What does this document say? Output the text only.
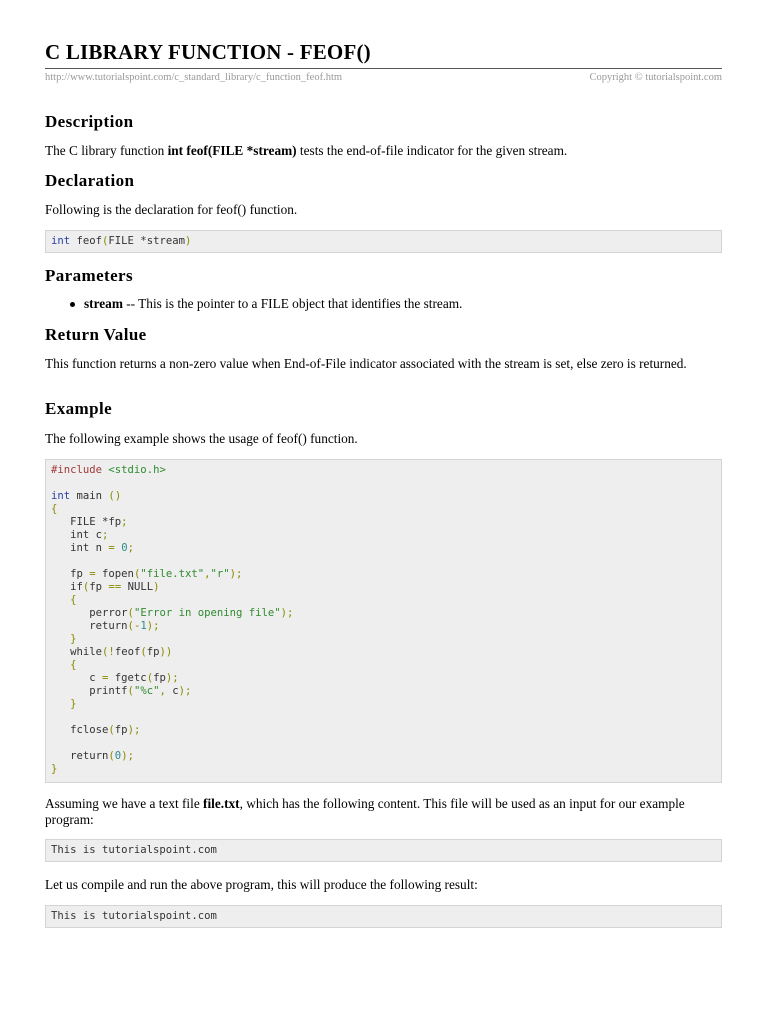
C LIBRARY FUNCTION - FEOF()
http://www.tutorialspoint.com/c_standard_library/c_function_feof.htm	Copyright © tutorialspoint.com
Description

The C library function int feof(FILE *stream) tests the end-of-file indicator for the given stream.

Declaration

Following is the declaration for feof() function.

int feof(FILE *stream)
Parameters
stream -- This is the pointer to a FILE object that identifies the stream.
Return Value

This function returns a non-zero value when End-of-File indicator associated with the stream is set, else zero is returned.

Example

The following example shows the usage of feof() function.

#include <stdio.h>

int main ()
{
FILE *fp;
int c;
int n = 0;

fp = fopen("file.txt","r");
if(fp == NULL)
{
perror("Error in opening file");
return(-1);
}
while(!feof(fp))
{
c = fgetc(fp);
printf("%c", c);
}

fclose(fp);

return(0);
}

Assuming we have a text file file.txt, which has the following content. This file will be used as an input for our example program:

This is tutorialspoint.com

Let us compile and run the above program, this will produce the following result:

This is tutorialspoint.com
